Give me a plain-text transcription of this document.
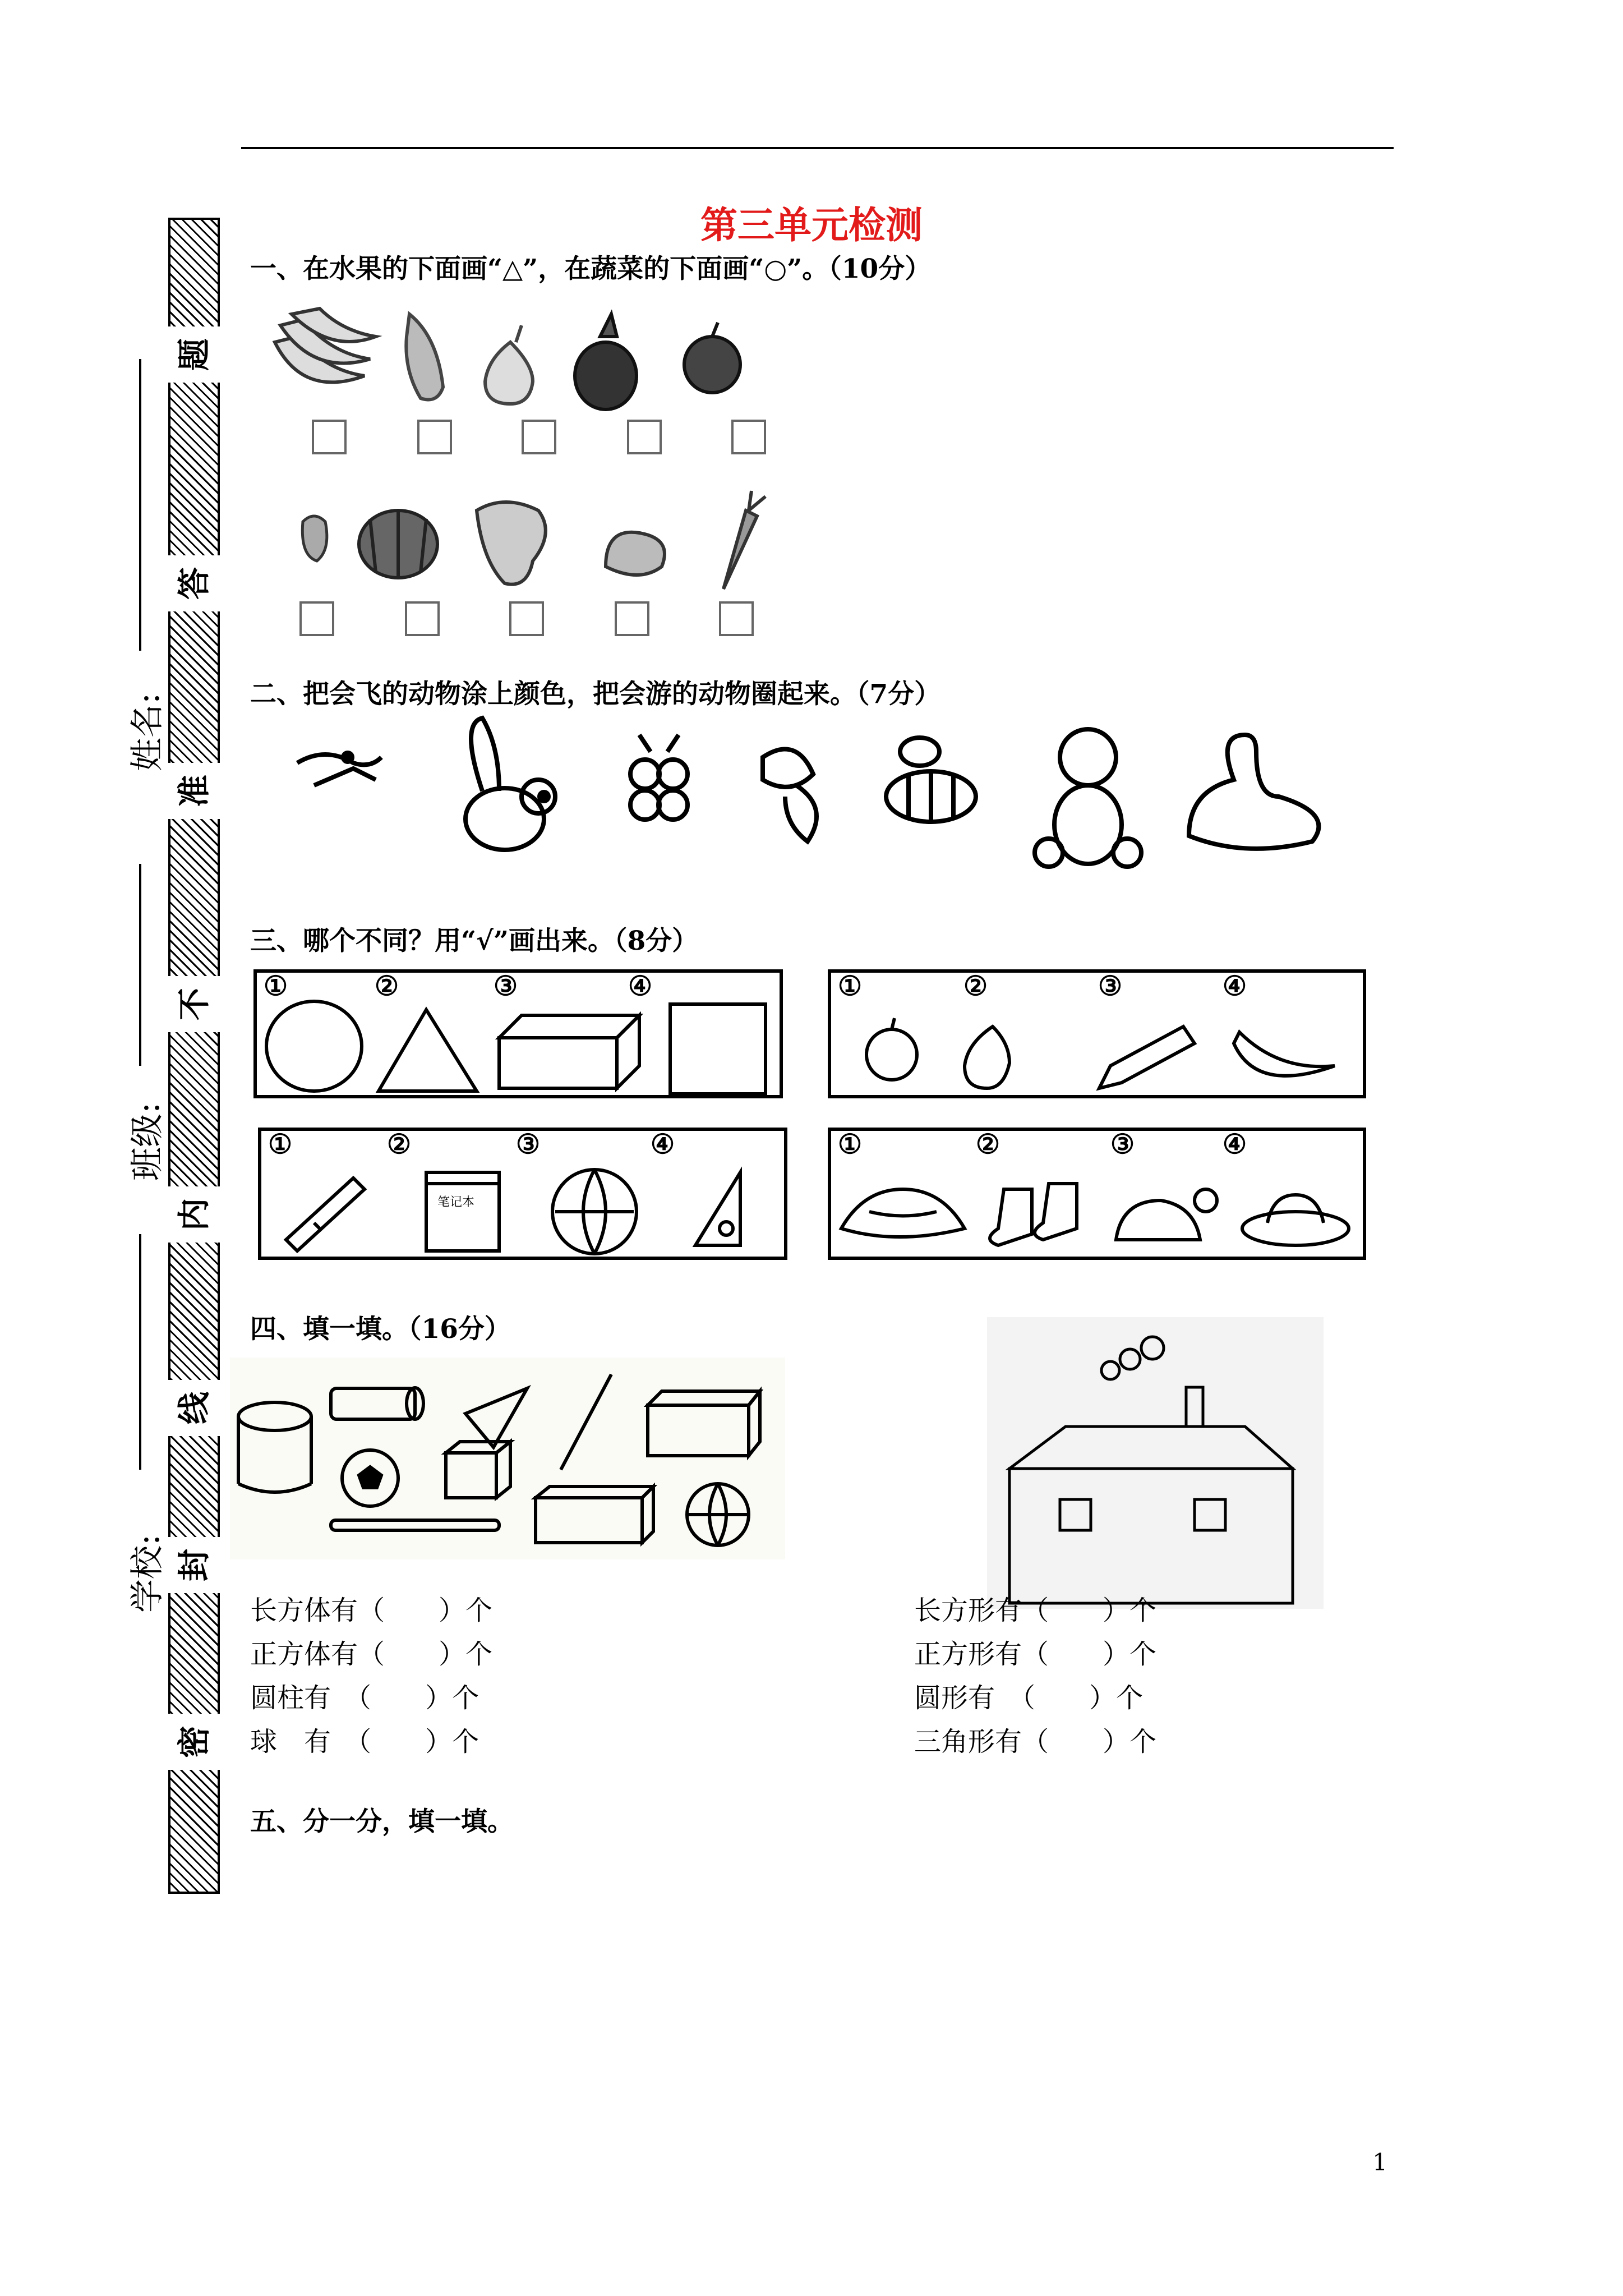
第三单元检测
题
答
准
不
内
线
封
密
姓名:
班级:
学校:
一、在水果的下面画“△”，在蔬菜的下面画“○”。（10分）
二、把会飞的动物涂上颜色，把会游的动物圈起来。（7分）
三、哪个不同？用“√”画出来。（8分）
①	②	③	④	①	②	③	④
①	②	③	④
笔记本
①	②	③	④
四、填一填。（16分）
长方体有（　　）个
正方体有（　　）个
圆柱有　（　　）个
球　有　（　　）个
长方形有（　　）个
正方形有（　　）个
圆形有　（　　）个
三角形有（　　）个
五、分一分，填一填。
1
